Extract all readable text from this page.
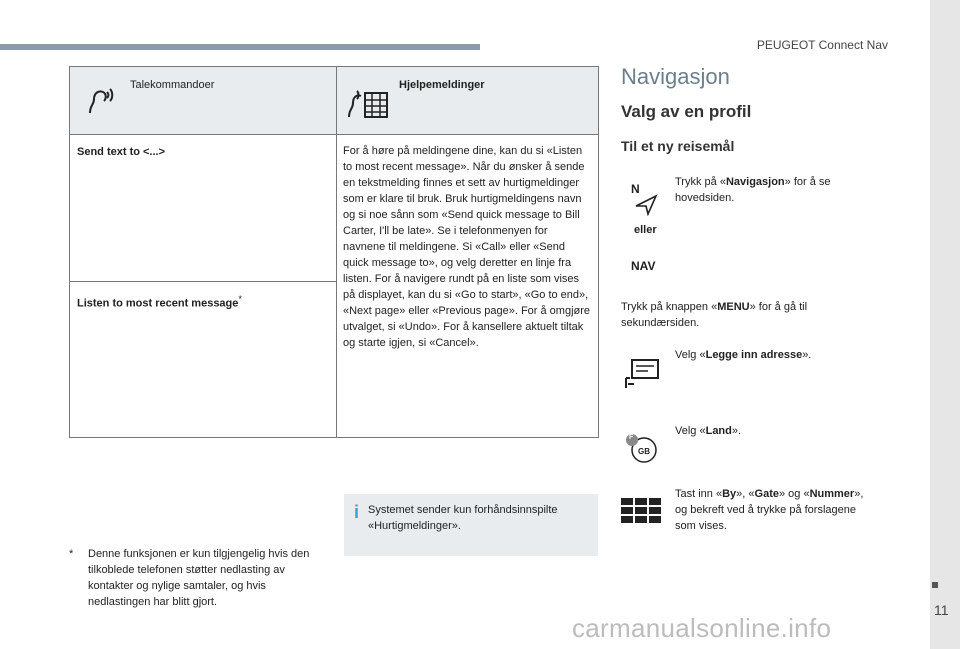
PEUGEOT Connect Nav
11
Talekommandoer	Hjelpemeldinger

Send text to <...>	For å høre på meldingene dine, kan du si «Listen to most recent message». Når du ønsker å sende en tekstmelding finnes et sett av hurtigmeldinger som er klare til bruk. Bruk hurtigmeldingens navn og si noe sånn som «Send quick message to Bill Carter, I'll be late». Se i telefonmenyen for navnene til meldingene. Si «Call» eller «Send quick message to», og velg deretter en linje fra listen. For å navigere rundt på en liste som vises på displayet, kan du si «Go to start», «Go to end», «Next page» eller «Previous page». For å omgjøre utvalget, si «Undo». For å kansellere aktuelt tiltak og starte igjen, si «Cancel».

Listen to most recent message*
*	Denne funksjonen er kun tilgjengelig hvis den tilkoblede telefonen støtter nedlasting av kontakter og nylige samtaler, og hvis nedlastingen har blitt gjort.
i Systemet sender kun forhåndsinnspilte «Hurtigmeldinger».
Navigasjon
Valg av en profil
Til et ny reisemål
N
eller
NAV
Trykk på «Navigasjon» for å se hovedsiden.
Trykk på knappen «MENU» for å gå til sekundærsiden.
Velg «Legge inn adresse».
F
GB
Velg «Land».
Tast inn «By», «Gate» og «Nummer», og bekreft ved å trykke på forslagene som vises.
carmanualsonline.info
